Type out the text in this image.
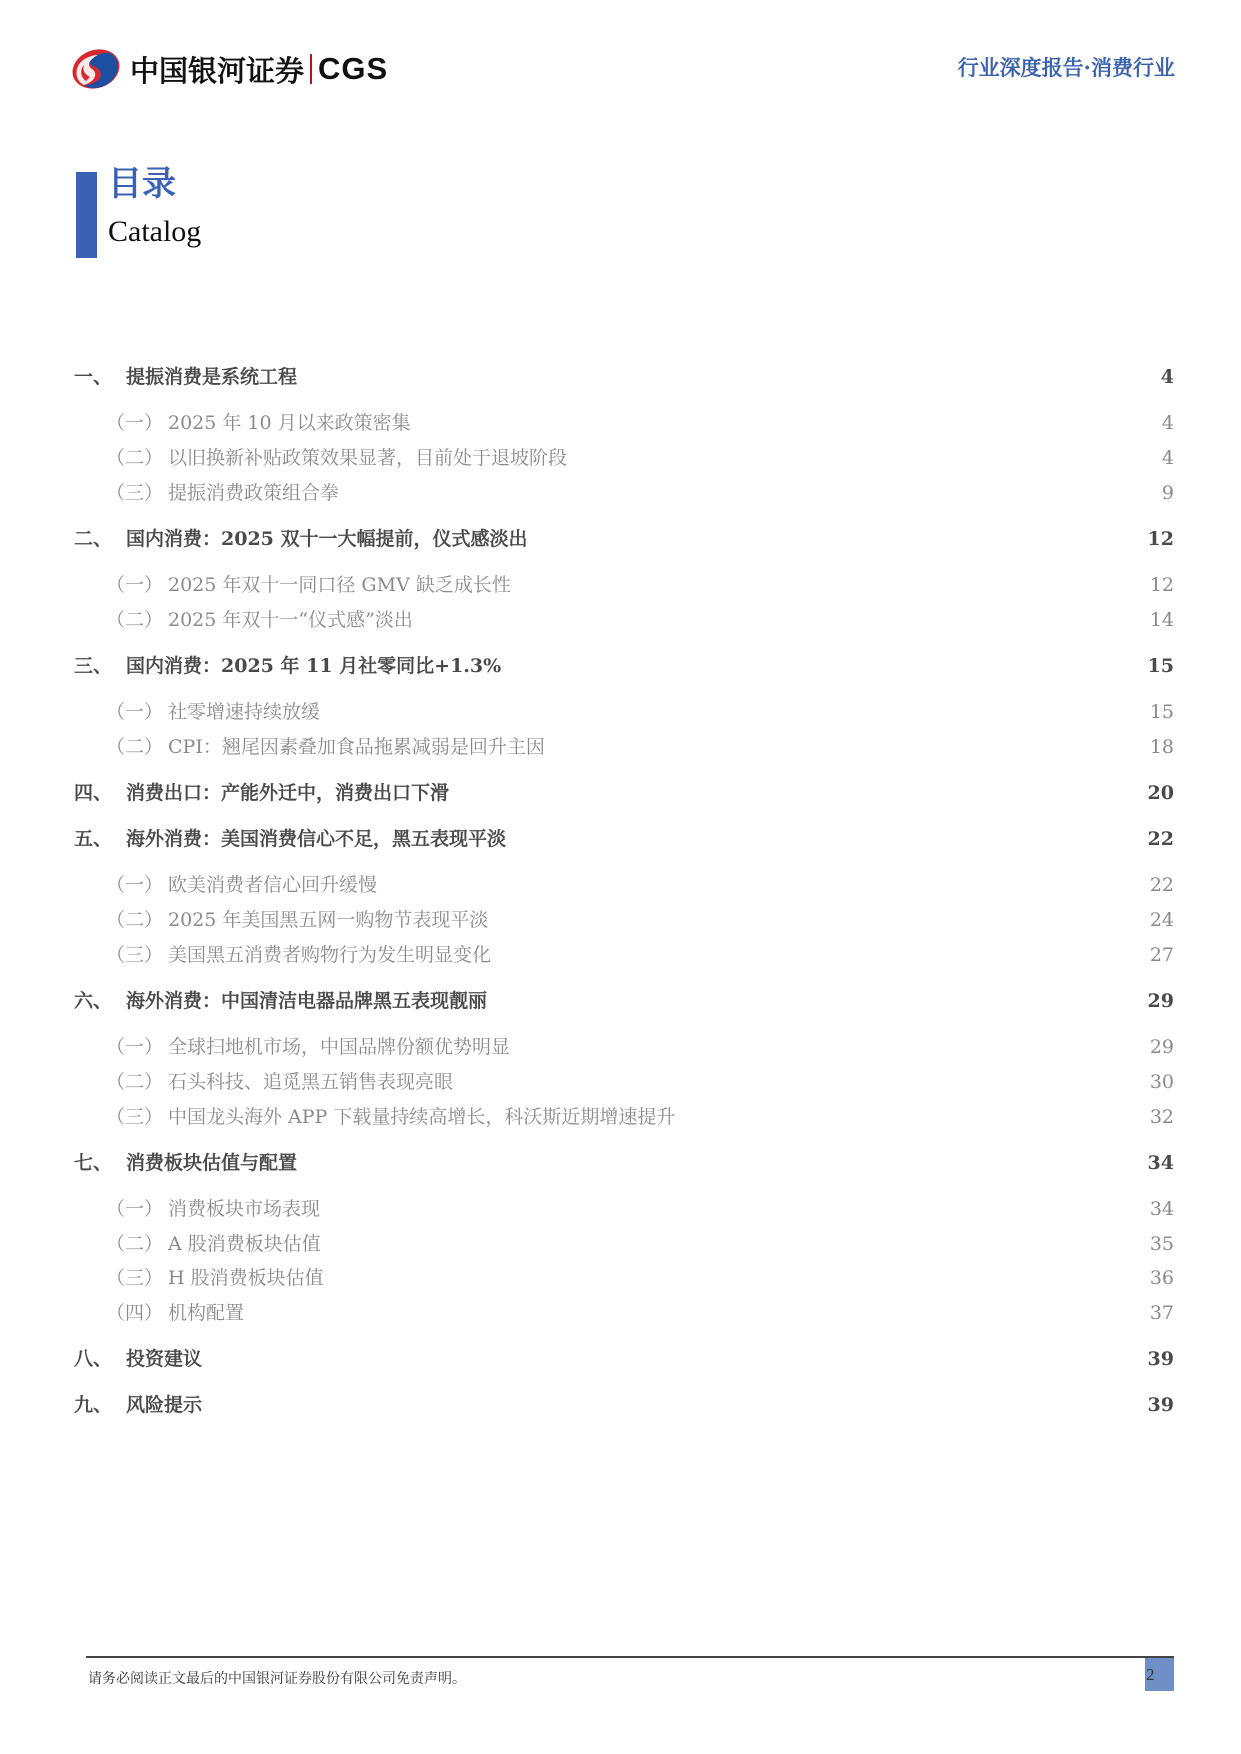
中国银河证券 CGS	行业深度报告·消费行业
目录
Catalog
一、 提振消费是系统工程	4
（一） 2025 年 10 月以来政策密集	4
（二） 以旧换新补贴政策效果显著，目前处于退坡阶段	4
（三） 提振消费政策组合拳	9
二、 国内消费：2025 双十一大幅提前，仪式感淡出	12
（一） 2025 年双十一同口径 GMV 缺乏成长性	12
（二） 2025 年双十一“仪式感”淡出	14
三、 国内消费：2025 年 11 月社零同比+1.3%	15
（一） 社零增速持续放缓	15
（二） CPI：翘尾因素叠加食品拖累减弱是回升主因	18
四、 消费出口：产能外迁中，消费出口下滑	20
五、 海外消费：美国消费信心不足，黑五表现平淡	22
（一） 欧美消费者信心回升缓慢	22
（二） 2025 年美国黑五网一购物节表现平淡	24
（三） 美国黑五消费者购物行为发生明显变化	27
六、 海外消费：中国清洁电器品牌黑五表现靓丽	29
（一） 全球扫地机市场，中国品牌份额优势明显	29
（二） 石头科技、追觅黑五销售表现亮眼	30
（三） 中国龙头海外 APP 下载量持续高增长，科沃斯近期增速提升	32
七、 消费板块估值与配置	34
（一） 消费板块市场表现	34
（二） A 股消费板块估值	35
（三） H 股消费板块估值	36
（四） 机构配置	37
八、 投资建议	39
九、 风险提示	39
请务必阅读正文最后的中国银河证券股份有限公司免责声明。	2
